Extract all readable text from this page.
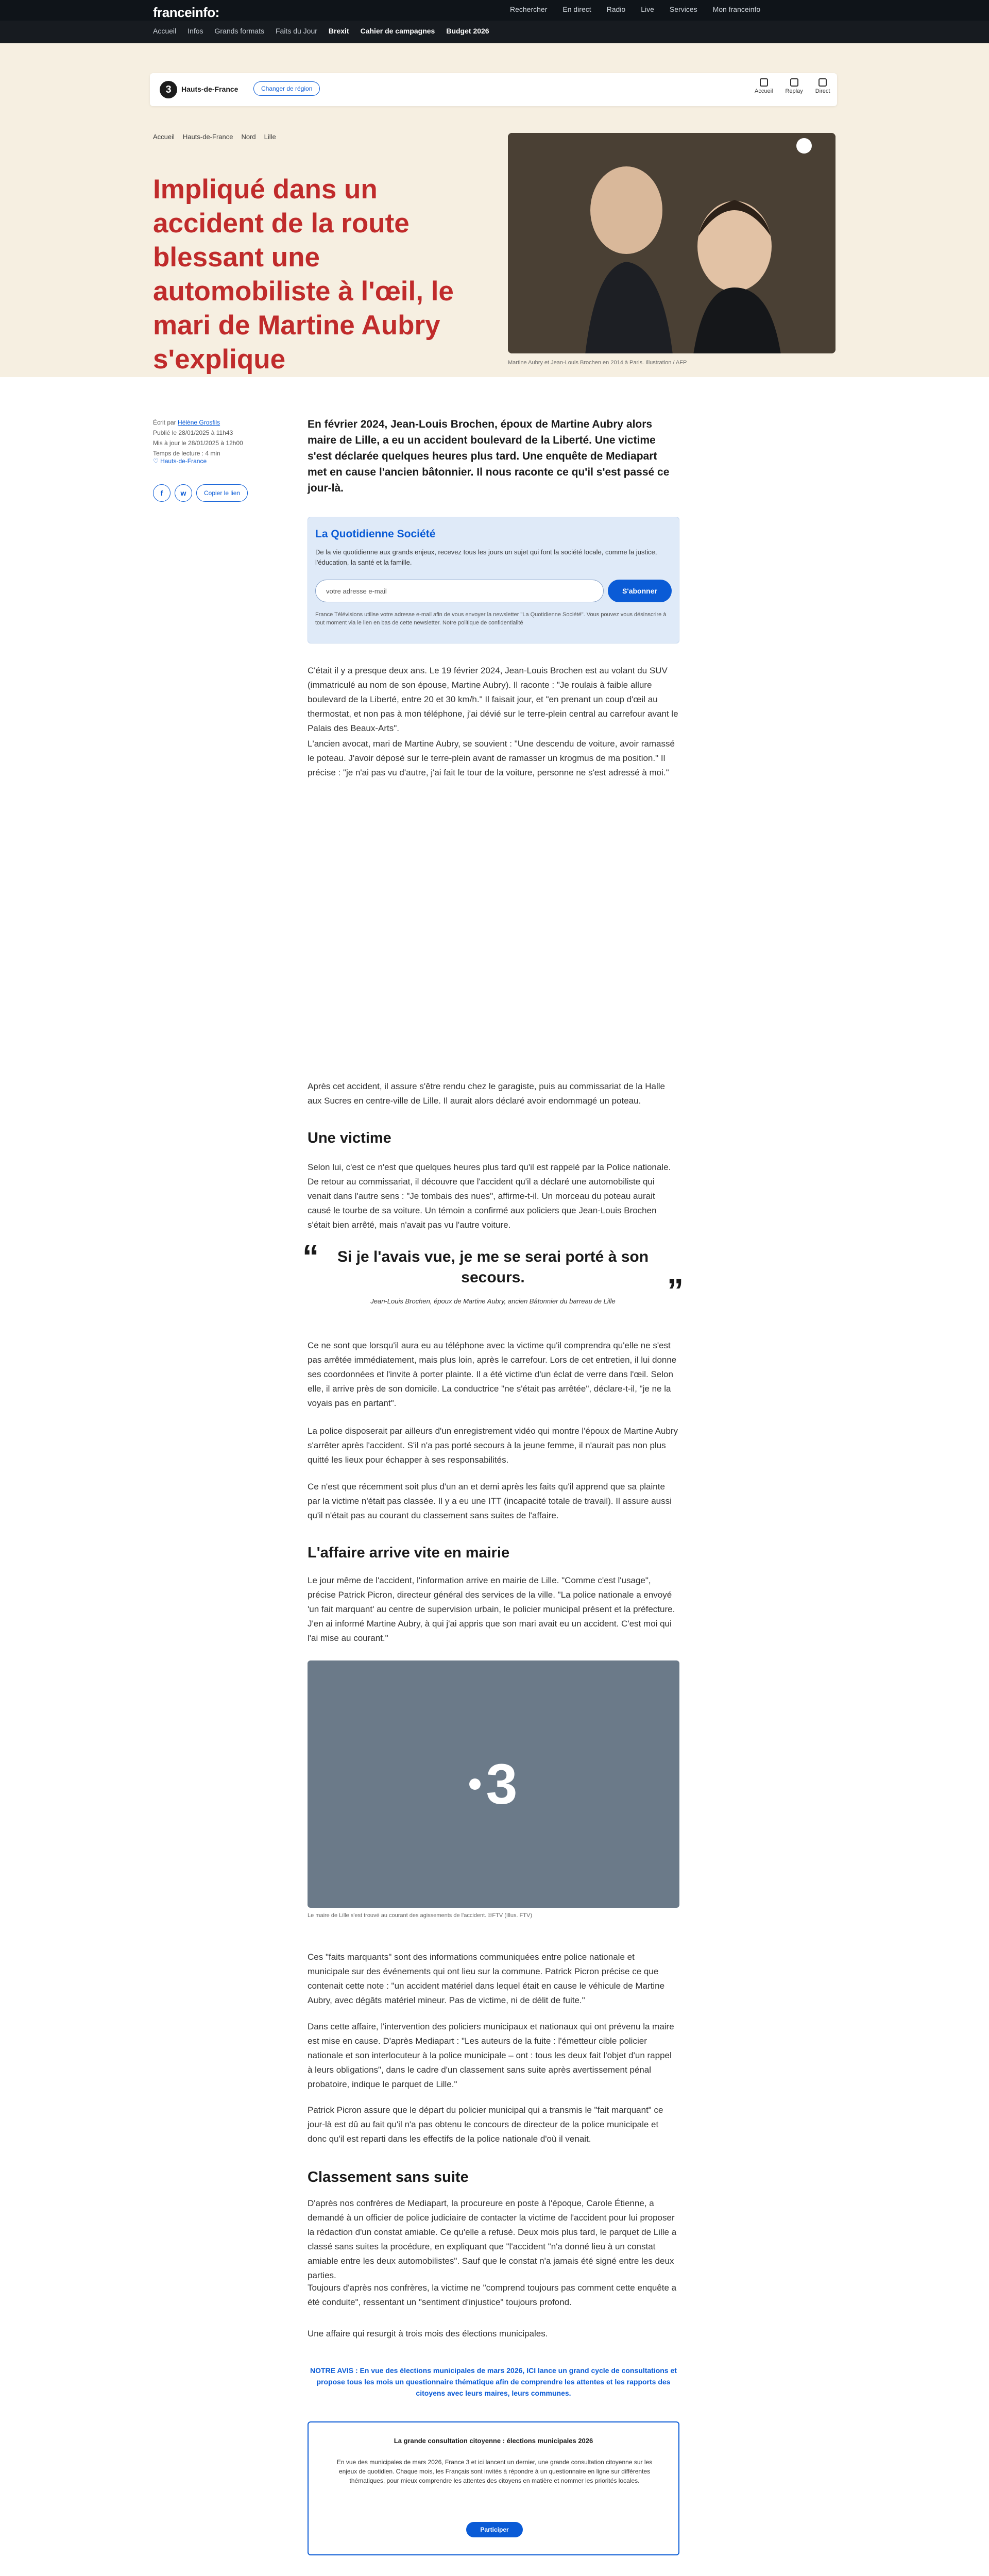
franceinfo:	Rechercher En direct Radio Live Services Mon franceinfo
Accueil Infos Grands formats Faits du Jour Brexit Cahier de campagnes Budget 2026
3	Hauts-de-France	Changer de région	Accueil Replay Direct
Accueil Hauts-de-France Nord Lille
Impliqué dans un accident de la route blessant une automobiliste à l'œil, le mari de Martine Aubry s'explique	Martine Aubry et Jean-Louis Brochen en 2014 à Paris. Illustration / AFP
Écrit par Hélène Grosfils
Publié le 28/01/2025 à 11h43
Mis à jour le 28/01/2025 à 12h00
Temps de lecture : 4 min
♡ Hauts-de-France
f	w	Copier le lien

En février 2024, Jean-Louis Brochen, époux de Martine Aubry alors maire de Lille, a eu un accident boulevard de la Liberté. Une victime s'est déclarée quelques heures plus tard. Une enquête de Mediapart met en cause l'ancien bâtonnier. Il nous raconte ce qu'il s'est passé ce jour-là.

La Quotidienne Société
De la vie quotidienne aux grands enjeux, recevez tous les jours un sujet qui font la société locale, comme la justice, l'éducation, la santé et la famille.
votre adresse e-mail	S'abonner
France Télévisions utilise votre adresse e-mail afin de vous envoyer la newsletter "La Quotidienne Société". Vous pouvez vous désinscrire à tout moment via le lien en bas de cette newsletter. Notre politique de confidentialité

C'était il y a presque deux ans. Le 19 février 2024, Jean-Louis Brochen est au volant du SUV (immatriculé au nom de son épouse, Martine Aubry). Il raconte : "Je roulais à faible allure boulevard de la Liberté, entre 20 et 30 km/h." Il faisait jour, et "en prenant un coup d'œil au thermostat, et non pas à mon téléphone, j'ai dévié sur le terre-plein central au carrefour avant le Palais des Beaux-Arts".

L'ancien avocat, mari de Martine Aubry, se souvient : "Une descendu de voiture, avoir ramassé le poteau. J'avoir déposé sur le terre-plein avant de ramasser un krogmus de ma position." Il précise : "je n'ai pas vu d'autre, j'ai fait le tour de la voiture, personne ne s'est adressé à moi."

Après cet accident, il assure s'être rendu chez le garagiste, puis au commissariat de la Halle aux Sucres en centre-ville de Lille. Il aurait alors déclaré avoir endommagé un poteau.

Une victime

Selon lui, c'est ce n'est que quelques heures plus tard qu'il est rappelé par la Police nationale. De retour au commissariat, il découvre que l'accident qu'il a déclaré une automobiliste qui venait dans l'autre sens : "Je tombais des nues", affirme-t-il. Un morceau du poteau aurait causé le tourbe de sa voiture. Un témoin a confirmé aux policiers que Jean-Louis Brochen s'était bien arrêté, mais n'avait pas vu l'autre voiture.

“	Si je l'avais vue, je me se serai porté à son secours.	”
Jean-Louis Brochen, époux de Martine Aubry, ancien Bâtonnier du barreau de Lille

Ce ne sont que lorsqu'il aura eu au téléphone avec la victime qu'il comprendra qu'elle ne s'est pas arrêtée immédiatement, mais plus loin, après le carrefour. Lors de cet entretien, il lui donne ses coordonnées et l'invite à porter plainte. Il a été victime d'un éclat de verre dans l'œil. Selon elle, il arrive près de son domicile. La conductrice "ne s'était pas arrêtée", déclare-t-il, "je ne la voyais pas en partant".

La police disposerait par ailleurs d'un enregistrement vidéo qui montre l'époux de Martine Aubry s'arrêter après l'accident. S'il n'a pas porté secours à la jeune femme, il n'aurait pas non plus quitté les lieux pour échapper à ses responsabilités.

Ce n'est que récemment soit plus d'un an et demi après les faits qu'il apprend que sa plainte par la victime n'était pas classée. Il y a eu une ITT (incapacité totale de travail). Il assure aussi qu'il n'était pas au courant du classement sans suites de l'affaire.

L'affaire arrive vite en mairie

Le jour même de l'accident, l'information arrive en mairie de Lille. "Comme c'est l'usage", précise Patrick Picron, directeur général des services de la ville. "La police nationale a envoyé 'un fait marquant' au centre de supervision urbain, le policier municipal présent et la préfecture. J'en ai informé Martine Aubry, à qui j'ai appris que son mari avait eu un accident. C'est moi qui l'ai mise au courant."

3
Le maire de Lille s'est trouvé au courant des agissements de l'accident. ©FTV (Illus. FTV)

Ces "faits marquants" sont des informations communiquées entre police nationale et municipale sur des événements qui ont lieu sur la commune. Patrick Picron précise ce que contenait cette note : "un accident matériel dans lequel était en cause le véhicule de Martine Aubry, avec dégâts matériel mineur. Pas de victime, ni de délit de fuite."

Dans cette affaire, l'intervention des policiers municipaux et nationaux qui ont prévenu la maire est mise en cause. D'après Mediapart : "Les auteurs de la fuite : l'émetteur cible policier nationale et son interlocuteur à la police municipale – ont : tous les deux fait l'objet d'un rappel à leurs obligations", dans le cadre d'un classement sans suite après avertissement pénal probatoire, indique le parquet de Lille."

Patrick Picron assure que le départ du policier municipal qui a transmis le "fait marquant" ce jour-là est dû au fait qu'il n'a pas obtenu le concours de directeur de la police municipale et donc qu'il est reparti dans les effectifs de la police nationale d'où il venait.

Classement sans suite

D'après nos confrères de Mediapart, la procureure en poste à l'époque, Carole Étienne, a demandé à un officier de police judiciaire de contacter la victime de l'accident pour lui proposer la rédaction d'un constat amiable. Ce qu'elle a refusé. Deux mois plus tard, le parquet de Lille a classé sans suites la procédure, en expliquant que "l'accident "n'a donné lieu à un constat amiable entre les deux automobilistes". Sauf que le constat n'a jamais été signé entre les deux parties.

Toujours d'après nos confrères, la victime ne "comprend toujours pas comment cette enquête a été conduite", ressentant un "sentiment d'injustice" toujours profond.

Une affaire qui resurgit à trois mois des élections municipales.

NOTRE AVIS : En vue des élections municipales de mars 2026, ICI lance un grand cycle de consultations et propose tous les mois un questionnaire thématique afin de comprendre les attentes et les rapports des citoyens avec leurs maires, leurs communes.
La grande consultation citoyenne : élections municipales 2026
En vue des municipales de mars 2026, France 3 et ici lancent un dernier, une grande consultation citoyenne sur les enjeux de quotidien. Chaque mois, les Français sont invités à répondre à un questionnaire en ligne sur différentes thématiques, pour mieux comprendre les attentes des citoyens en matière et nommer les priorités locales.
Participer
